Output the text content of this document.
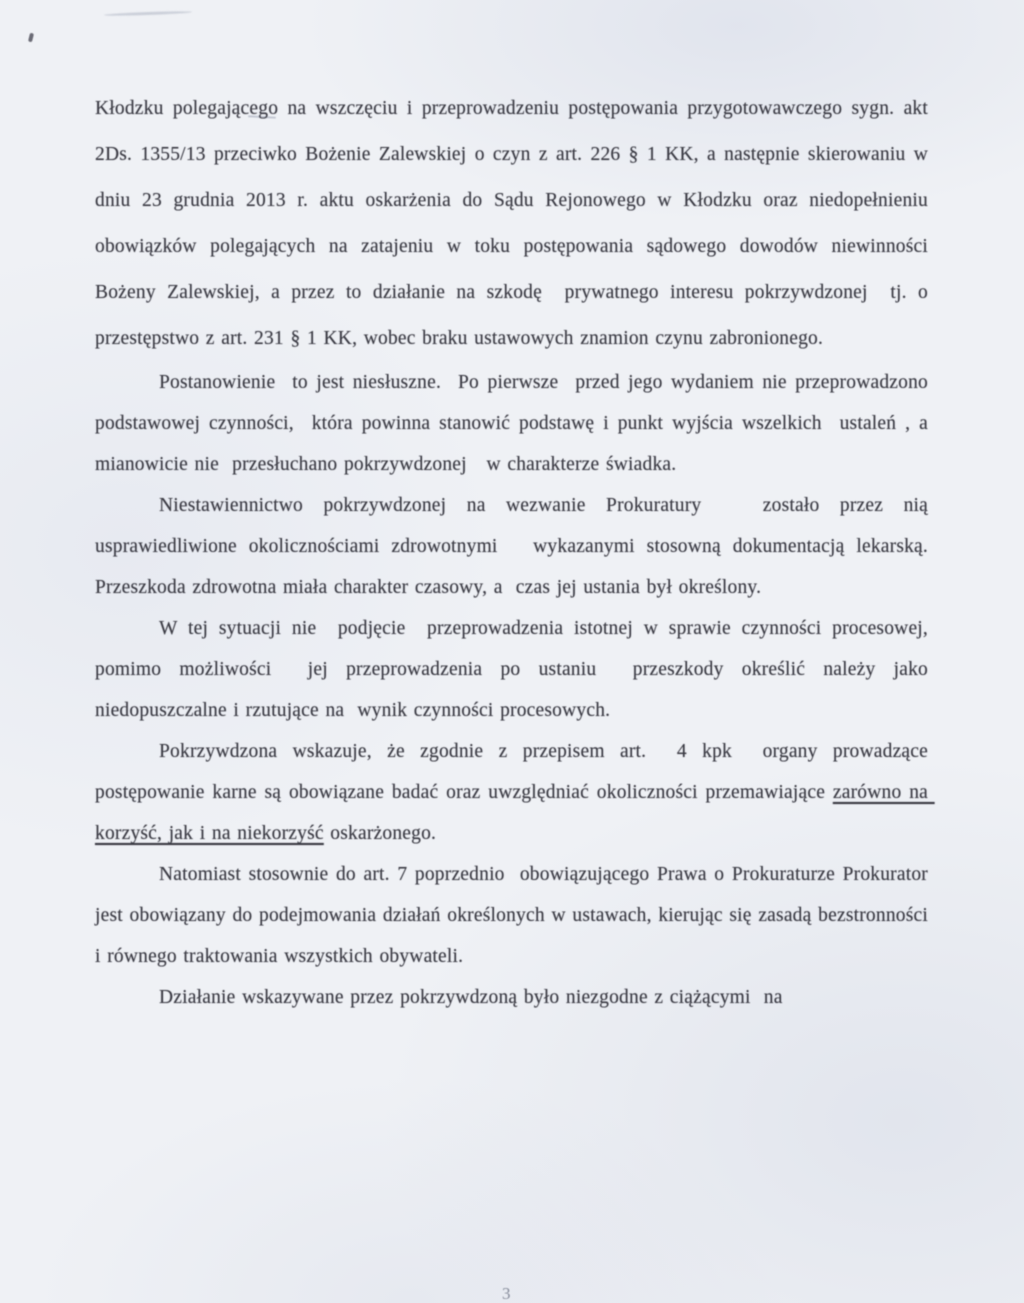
Kłodzku polegającego na wszczęciu i przeprowadzeniu postępowania przygotowawczego sygn. akt  2Ds. 1355/13 przeciwko Bożenie Zalewskiej o czyn z art. 226 § 1 KK, a następnie skierowaniu w dniu 23 grudnia 2013 r. aktu oskarżenia do Sądu Rejonowego w Kłodzku oraz niedopełnieniu obowiązków polegających na zatajeniu w toku postępowania sądowego dowodów niewinności Bożeny Zalewskiej, a przez to działanie na szkodę  prywatnego interesu pokrzywdzonej  tj. o przestępstwo z art. 231 § 1 KK, wobec braku ustawowych znamion czynu zabronionego.

Postanowienie  to jest niesłuszne.  Po pierwsze  przed jego wydaniem nie przeprowadzono podstawowej czynności,  która powinna stanowić podstawę i punkt wyjścia wszelkich  ustaleń , a mianowicie nie  przesłuchano pokrzywdzonej   w charakterze świadka.

Niestawiennictwo pokrzywdzonej na wezwanie Prokuratury   zostało przez nią usprawiedliwione okolicznościami zdrowotnymi   wykazanymi stosowną dokumentacją lekarską. Przeszkoda zdrowotna miała charakter czasowy, a  czas jej ustania był określony.

W tej sytuacji nie  podjęcie  przeprowadzenia istotnej w sprawie czynności procesowej, pomimo możliwości  jej przeprowadzenia po ustaniu  przeszkody określić należy jako niedopuszczalne i rzutujące na  wynik czynności procesowych.

Pokrzywdzona wskazuje, że zgodnie z przepisem art.  4 kpk  organy prowadzące postępowanie karne są obowiązane badać oraz uwzględniać okoliczności przemawiające zarówno na korzyść, jak i na niekorzyść oskarżonego.

Natomiast stosownie do art. 7 poprzednio  obowiązującego Prawa o Prokuraturze Prokurator jest obowiązany do podejmowania działań określonych w ustawach, kierując się zasadą bezstronności i równego traktowania wszystkich obywateli.

Działanie wskazywane przez pokrzywdzoną było niezgodne z ciążącymi  na

3
